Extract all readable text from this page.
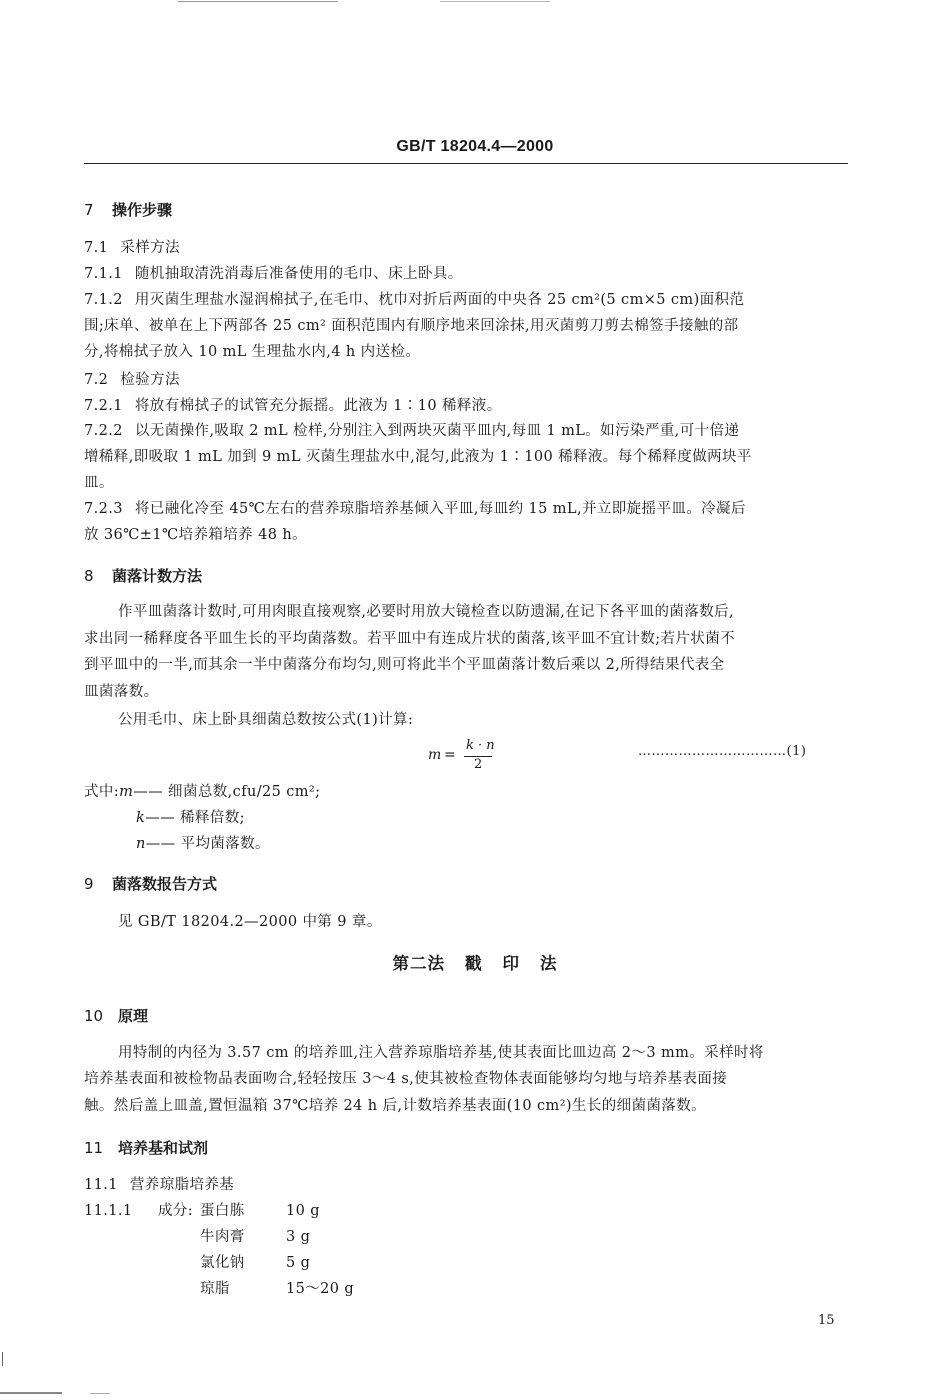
GB/T 18204.4—2000
7 操作步骤
7.1 采样方法
7.1.1 随机抽取清洗消毒后准备使用的毛巾、床上卧具。
7.1.2 用灭菌生理盐水湿润棉拭子,在毛巾、枕巾对折后两面的中央各 25 cm²(5 cm×5 cm)面积范
围;床单、被单在上下两部各 25 cm² 面积范围内有顺序地来回涂抹,用灭菌剪刀剪去棉签手接触的部
分,将棉拭子放入 10 mL 生理盐水内,4 h 内送检。
7.2 检验方法
7.2.1 将放有棉拭子的试管充分振摇。此液为 1∶10 稀释液。
7.2.2 以无菌操作,吸取 2 mL 检样,分别注入到两块灭菌平皿内,每皿 1 mL。如污染严重,可十倍递
增稀释,即吸取 1 mL 加到 9 mL 灭菌生理盐水中,混匀,此液为 1∶100 稀释液。每个稀释度做两块平
皿。
7.2.3 将已融化冷至 45℃左右的营养琼脂培养基倾入平皿,每皿约 15 mL,并立即旋摇平皿。冷凝后
放 36℃±1℃培养箱培养 48 h。
8 菌落计数方法
作平皿菌落计数时,可用肉眼直接观察,必要时用放大镜检查以防遗漏,在记下各平皿的菌落数后,
求出同一稀释度各平皿生长的平均菌落数。若平皿中有连成片状的菌落,该平皿不宜计数;若片状菌不
到平皿中的一半,而其余一半中菌落分布均匀,则可将此半个平皿菌落计数后乘以 2,所得结果代表全
皿菌落数。
公用毛巾、床上卧具细菌总数按公式(1)计算:
m =
k · n
2
……………………………(1)
式中:m—— 细菌总数,cfu/25 cm²;
k—— 稀释倍数;
n—— 平均菌落数。
9 菌落数报告方式
见 GB/T 18204.2—2000 中第 9 章。
第二法 戳 印 法
10 原理
用特制的内径为 3.57 cm 的培养皿,注入营养琼脂培养基,使其表面比皿边高 2～3 mm。采样时将
培养基表面和被检物品表面吻合,轻轻按压 3～4 s,使其被检查物体表面能够均匀地与培养基表面接
触。然后盖上皿盖,置恒温箱 37℃培养 24 h 后,计数培养基表面(10 cm²)生长的细菌菌落数。
11 培养基和试剂
11.1 营养琼脂培养基
11.1.1 成分: 蛋白胨	10 g
牛肉膏	3 g
氯化钠	5 g
琼脂	15～20 g
15
